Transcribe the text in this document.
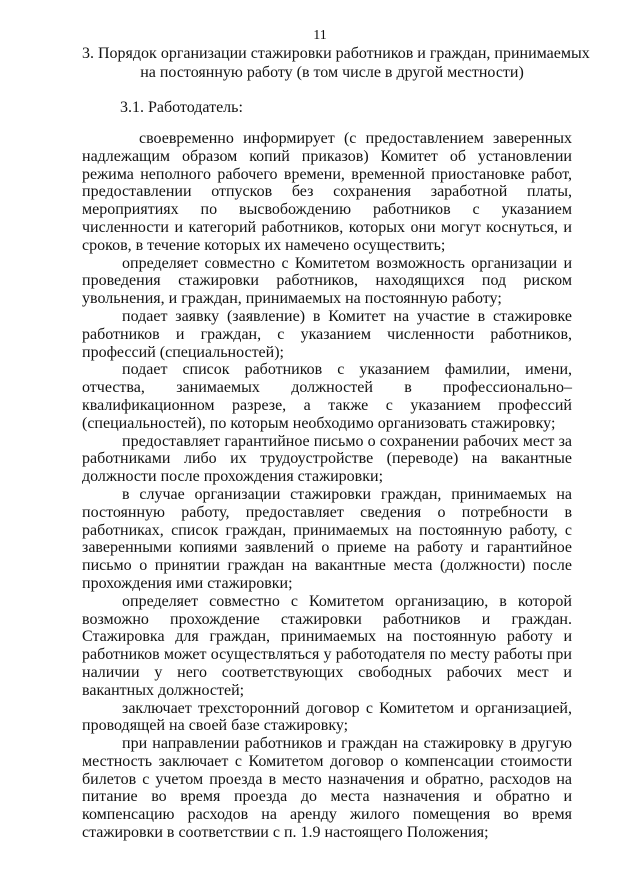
11
3. Порядок организации стажировки работников и граждан, принимаемых
на постоянную работу (в том числе в другой местности)
3.1. Работодатель:

своевременно информирует (с предоставлением заверенных надлежащим образом копий приказов) Комитет об установлении режима неполного рабочего времени, временной приостановке работ, предоставлении отпусков без сохранения заработной платы, мероприятиях по высвобождению работников с указанием численности и категорий работников, которых они могут коснуться, и сроков, в течение которых их намечено осуществить;

определяет совместно с Комитетом возможность организации и проведения стажировки работников, находящихся под риском увольнения, и граждан, принимаемых на постоянную работу;

подает заявку (заявление) в Комитет на участие в стажировке работников и граждан, с указанием численности работников, профессий (специальностей);

подает список работников с указанием фамилии, имени, отчества, занимаемых должностей в профессионально–квалификационном разрезе, а также с указанием профессий (специальностей), по которым необходимо организовать стажировку;

предоставляет гарантийное письмо о сохранении рабочих мест за работниками либо их трудоустройстве (переводе) на вакантные должности после прохождения стажировки;

в случае организации стажировки граждан, принимаемых на постоянную работу, предоставляет сведения о потребности в работниках, список граждан, принимаемых на постоянную работу, с заверенными копиями заявлений о приеме на работу и гарантийное письмо о принятии граждан на вакантные места (должности) после прохождения ими стажировки;

определяет совместно с Комитетом организацию, в которой возможно прохождение стажировки работников и граждан. Стажировка для граждан, принимаемых на постоянную работу и работников может осуществляться у работодателя по месту работы при наличии у него соответствующих свободных рабочих мест и вакантных должностей;

заключает трехсторонний договор с Комитетом и организацией, проводящей на своей базе стажировку;

при направлении работников и граждан на стажировку в другую местность заключает с Комитетом договор о компенсации стоимости билетов с учетом проезда в место назначения и обратно, расходов на питание во время проезда до места назначения и обратно и компенсацию расходов на аренду жилого помещения во время стажировки в соответствии с п. 1.9 настоящего Положения;
